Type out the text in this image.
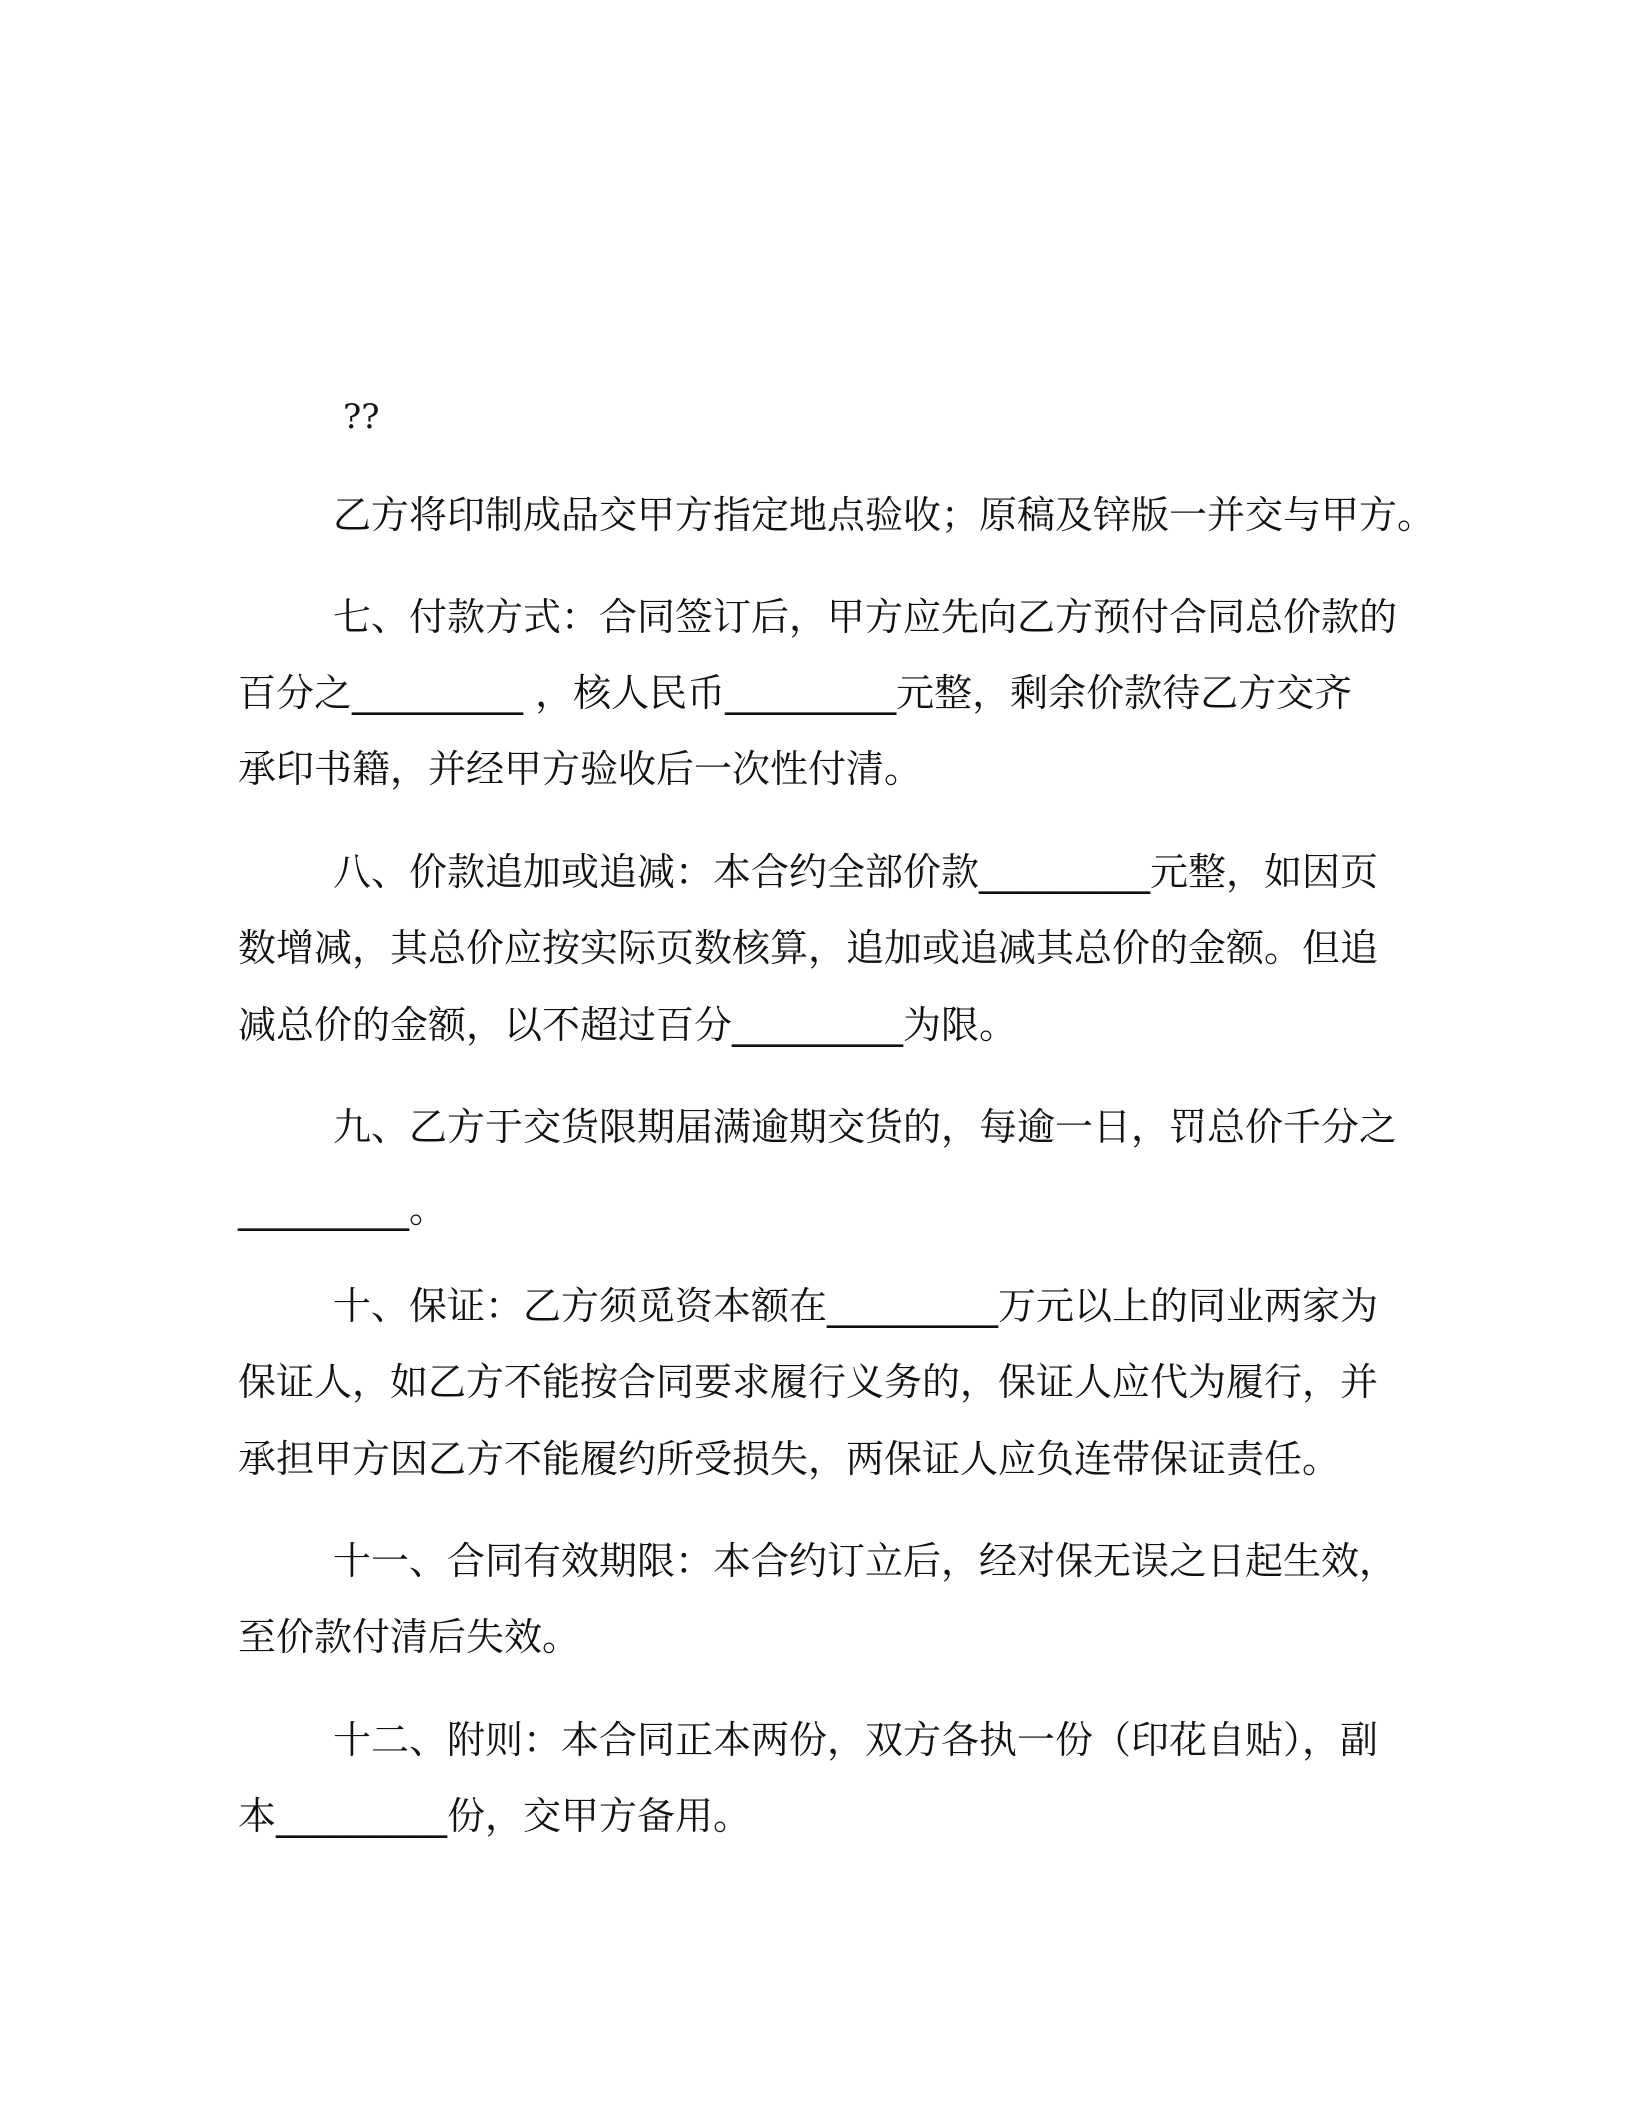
??
乙方将印制成品交甲方指定地点验收；原稿及锌版一并交与甲方。
七、付款方式：合同签订后，甲方应先向乙方预付合同总价款的
百分之_________ ，核人民币_________元整，剩余价款待乙方交齐
承印书籍，并经甲方验收后一次性付清。
八、价款追加或追减：本合约全部价款_________元整，如因页
数增减，其总价应按实际页数核算，追加或追减其总价的金额。但追
减总价的金额，以不超过百分_________为限。
九、乙方于交货限期届满逾期交货的，每逾一日，罚总价千分之
_________。
十、保证：乙方须觅资本额在_________万元以上的同业两家为
保证人，如乙方不能按合同要求履行义务的，保证人应代为履行，并
承担甲方因乙方不能履约所受损失，两保证人应负连带保证责任。
十一、合同有效期限：本合约订立后，经对保无误之日起生效，
至价款付清后失效。
十二、附则：本合同正本两份，双方各执一份（印花自贴），副
本_________份，交甲方备用。
